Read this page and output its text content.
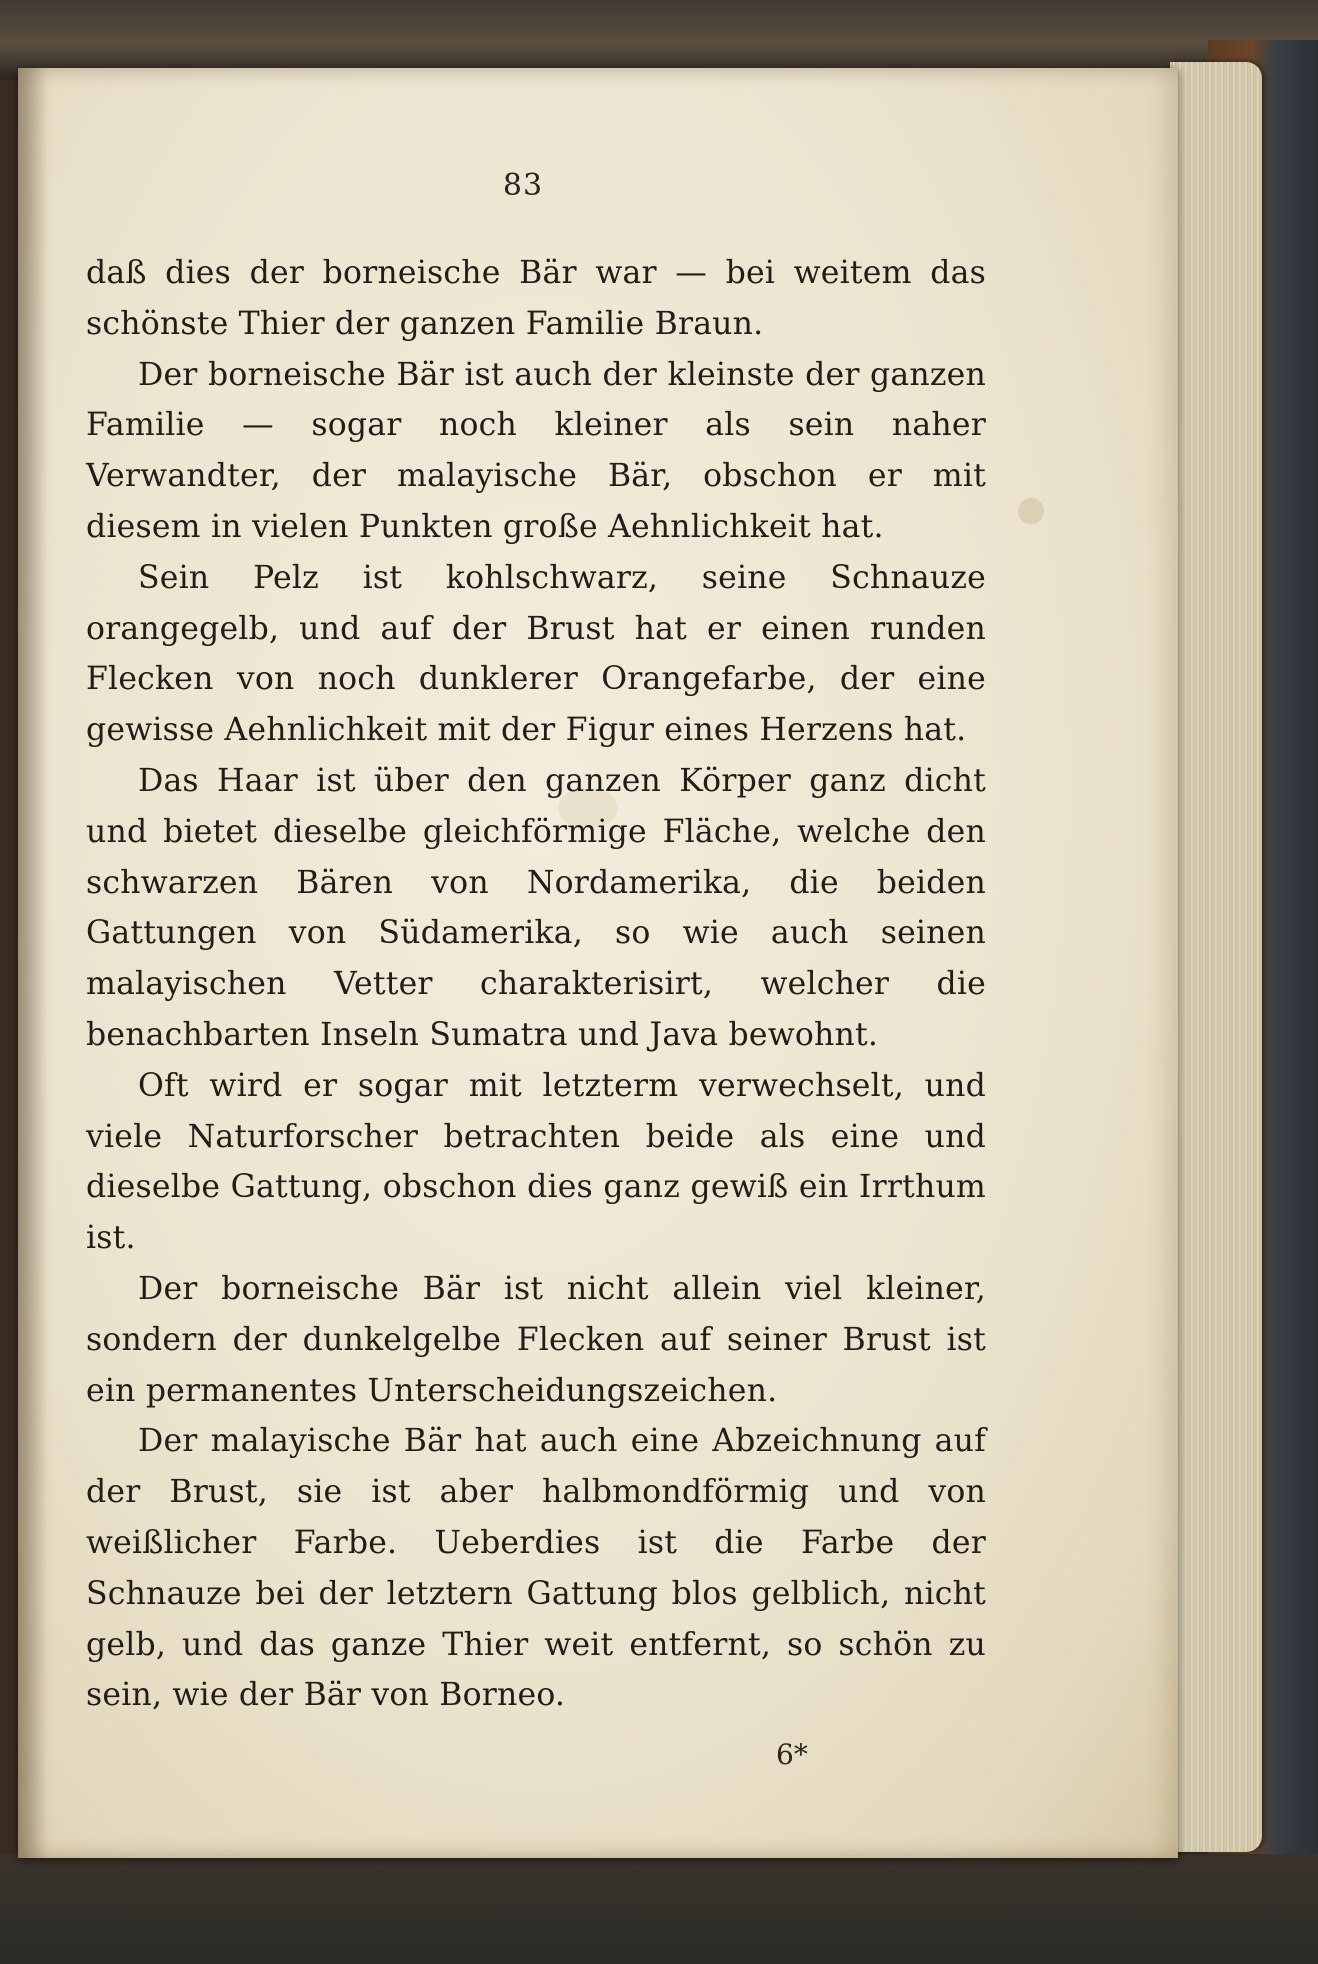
83

daß dies der borneische Bär war — bei weitem das schönste Thier der ganzen Familie Braun.

Der borneische Bär ist auch der kleinste der ganzen Familie — sogar noch kleiner als sein naher Verwandter, der malayische Bär, obschon er mit diesem in vielen Punkten große Aehnlichkeit hat.

Sein Pelz ist kohlschwarz, seine Schnauze orangegelb, und auf der Brust hat er einen runden Flecken von noch dunklerer Orangefarbe, der eine gewisse Aehnlichkeit mit der Figur eines Herzens hat.

Das Haar ist über den ganzen Körper ganz dicht und bietet dieselbe gleichförmige Fläche, welche den schwarzen Bären von Nordamerika, die beiden Gattungen von Südamerika, so wie auch seinen malayischen Vetter charakterisirt, welcher die benachbarten Inseln Sumatra und Java bewohnt.

Oft wird er sogar mit letzterm verwechselt, und viele Naturforscher betrachten beide als eine und dieselbe Gattung, obschon dies ganz gewiß ein Irrthum ist.

Der borneische Bär ist nicht allein viel kleiner, sondern der dunkelgelbe Flecken auf seiner Brust ist ein permanentes Unterscheidungszeichen.

Der malayische Bär hat auch eine Abzeichnung auf der Brust, sie ist aber halbmondförmig und von weißlicher Farbe. Ueberdies ist die Farbe der Schnauze bei der letztern Gattung blos gelblich, nicht gelb, und das ganze Thier weit entfernt, so schön zu sein, wie der Bär von Borneo.

6*
